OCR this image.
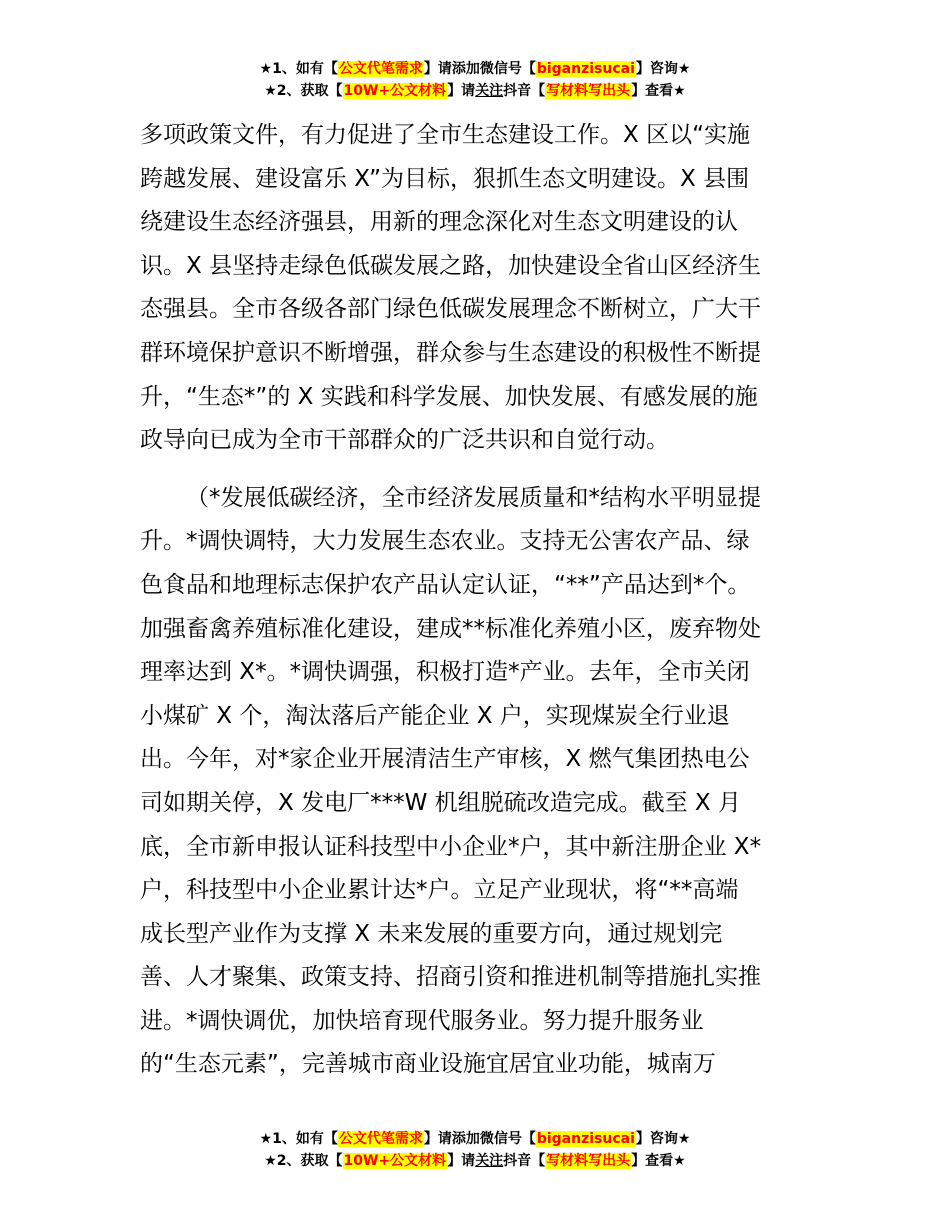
★1、如有【公文代笔需求】请添加微信号【biganzisucai】咨询★
★2、获取【10W+公文材料】请关注抖音【写材料写出头】查看★
多项政策文件，有力促进了全市生态建设工作。X 区以“实施
跨越发展、建设富乐 X”为目标，狠抓生态文明建设。X 县围
绕建设生态经济强县，用新的理念深化对生态文明建设的认
识。X 县坚持走绿色低碳发展之路，加快建设全省山区经济生
态强县。全市各级各部门绿色低碳发展理念不断树立，广大干
群环境保护意识不断增强，群众参与生态建设的积极性不断提
升，“生态*”的 X 实践和科学发展、加快发展、有感发展的施
政导向已成为全市干部群众的广泛共识和自觉行动。
（*发展低碳经济，全市经济发展质量和*结构水平明显提
升。*调快调特，大力发展生态农业。支持无公害农产品、绿
色食品和地理标志保护农产品认定认证，“**”产品达到*个。
加强畜禽养殖标准化建设，建成**标准化养殖小区，废弃物处
理率达到 X*。*调快调强，积极打造*产业。去年，全市关闭
小煤矿 X 个，淘汰落后产能企业 X 户，实现煤炭全行业退
出。今年，对*家企业开展清洁生产审核，X 燃气集团热电公
司如期关停，X 发电厂***W 机组脱硫改造完成。截至 X 月
底，全市新申报认证科技型中小企业*户，其中新注册企业 X*
户，科技型中小企业累计达*户。立足产业现状，将“**高端
成长型产业作为支撑 X 未来发展的重要方向，通过规划完
善、人才聚集、政策支持、招商引资和推进机制等措施扎实推
进。*调快调优，加快培育现代服务业。努力提升服务业
的“生态元素”，完善城市商业设施宜居宜业功能，城南万
★1、如有【公文代笔需求】请添加微信号【biganzisucai】咨询★
★2、获取【10W+公文材料】请关注抖音【写材料写出头】查看★
